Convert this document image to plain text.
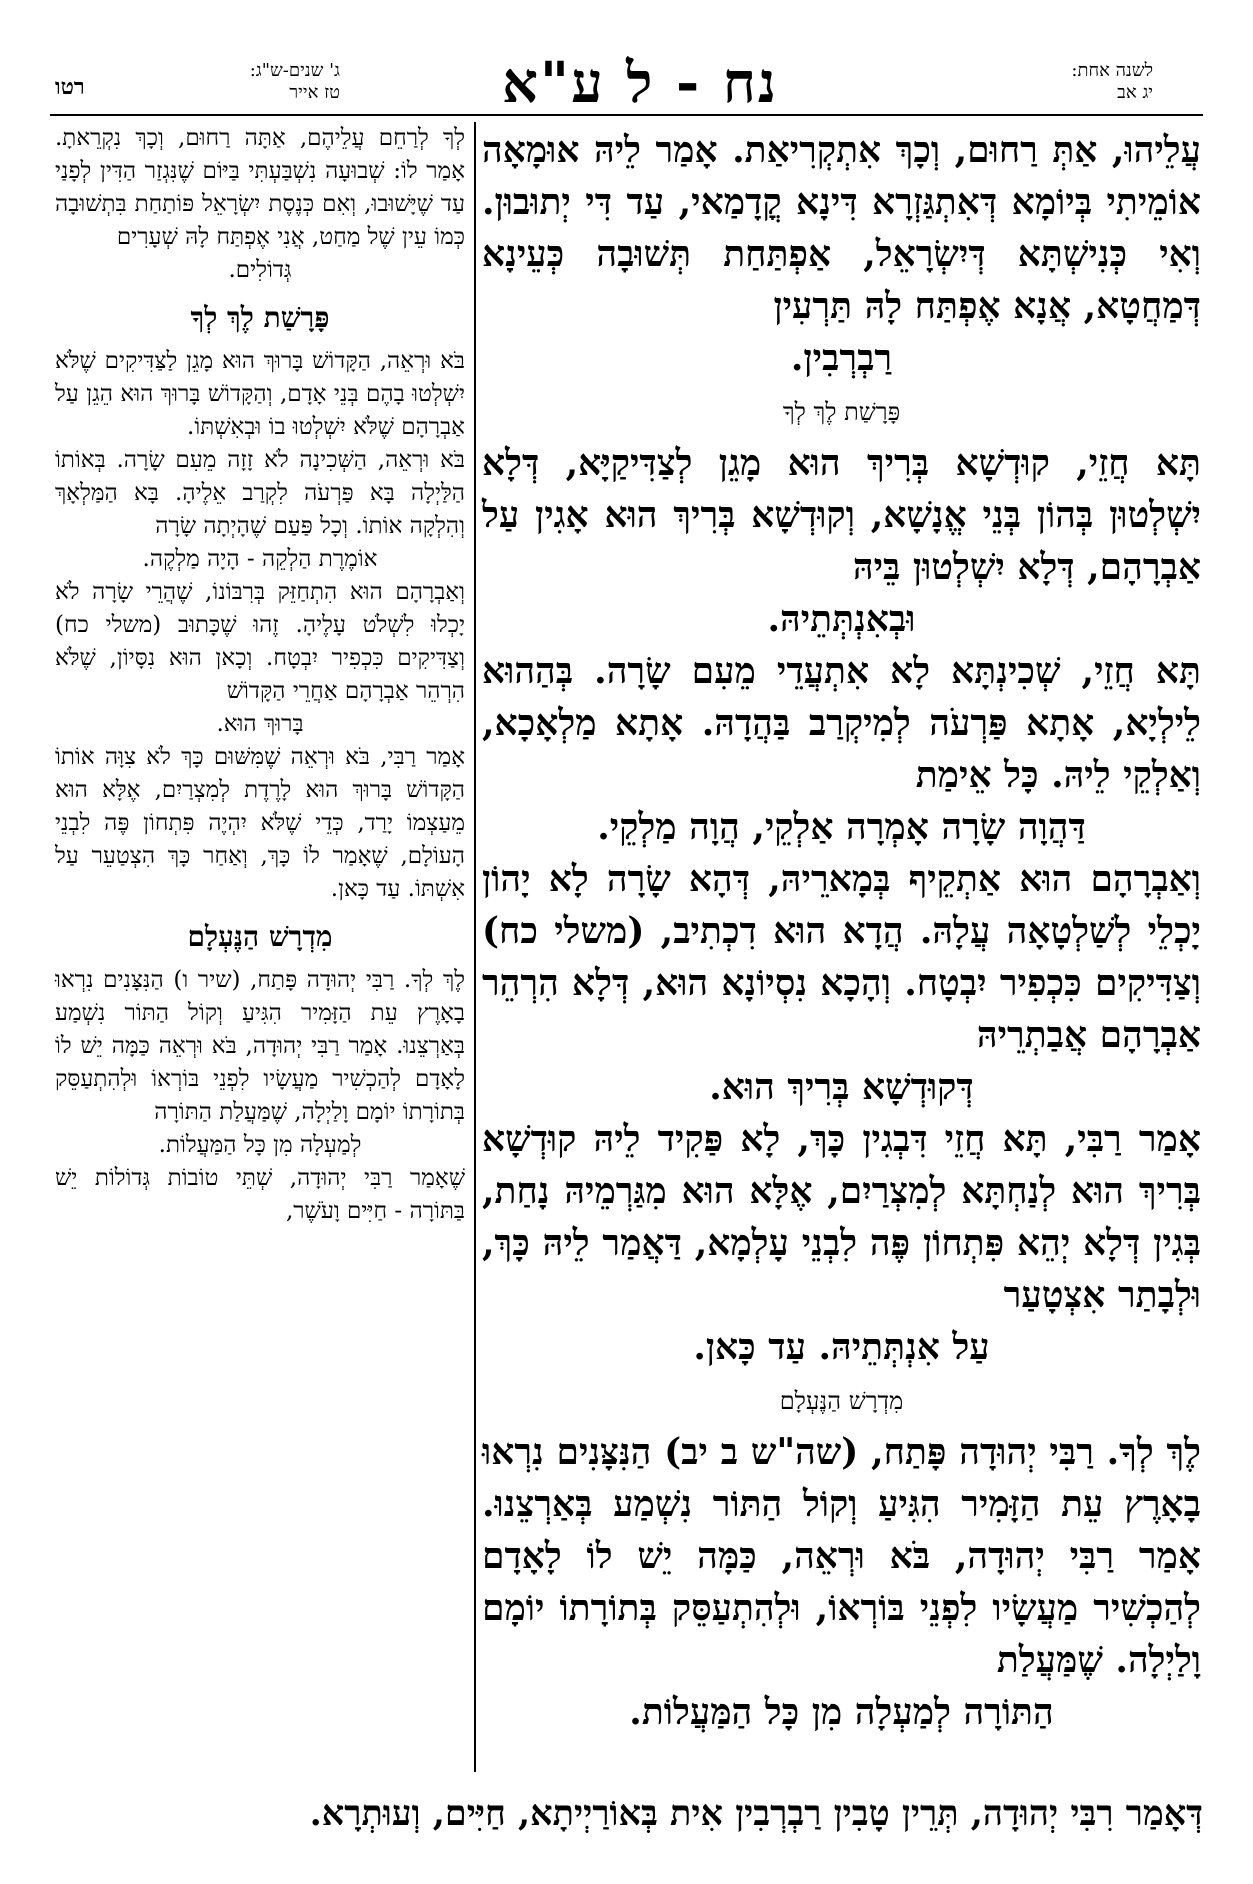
לשנה אחת:
יג אב
נח - ל ע"א
ג' שנים-ש"ג:
טז אייר
רטו

עֲלֵיהוּ, אַתְּ רַחוּם, וְכָךְ אִתְקְרִיאַת. אָמַר לֵיהּ אוּמָאָה אוֹמֵיתִי בְּיוֹמָא דְּאִתְגַּזְרָא דִּינָא קֳדָמַאי, עַד דִּי יְתוּבוּן. וְאִי כְּנִישְׁתָּא דְּיִשְׂרָאֵל, אַפְתַּחַת תְּשׁוּבָה כְּעֵינָא דְּמַחֲטָא, אֲנָא אֶפְתַּח לָהּ תַּרְעִין

רַבְרְבִין.

פָּרָשַׁת לֶךְ לְךָ

תָּא חֲזֵי, קוּדְשָׁא בְּרִיךְ הוּא מָגֵן לְצַדִּיקַיָּא, דְּלָא יִשְׁלְטוּן בְּהוֹן בְּנֵי אֱנָשָׁא, וְקוּדְשָׁא בְּרִיךְ הוּא אָגִין עַל אַבְרָהָם, דְּלָא יִשְׁלְטוּן בֵּיהּ

וּבְאִנְתְּתֵיהּ.

תָּא חֲזֵי, שְׁכִינְתָּא לָא אִתְעֲדֵי מֵעִם שָׂרָה. בְּהַהוּא לֵילְיָא, אָתָא פַּרְעֹה לְמִיקְרַב בַּהֲדָהּ. אָתָא מַלְאָכָא, וְאַלְקֵי לֵיהּ. כָּל אֵימַת

דַּהֲוָה שָׂרָה אָמְרָה אַלְקֵי, הֲוָה מַלְקֵי.

וְאַבְרָהָם הוּא אַתְקֵיף בְּמָארֵיהּ, דְּהָא שָׂרָה לָא יָהוֹן יָכְלֵי לְשַׁלְטָאָה עֲלָהּ. הֲדָא הוּא דִכְתִיב, (משלי כח) וְצַדִּיקִים כִּכְפִיר יִבְטָח. וְהָכָא נִסְיוֹנָא הוּא, דְּלָא הִרְהֵר אַבְרָהָם אֲבַתְרֵיהּ

דְּקוּדְשָׁא בְּרִיךְ הוּא.

אָמַר רַבִּי, תָּא חֲזֵי דִּבְגִין כָּךְ, לָא פַּקִיד לֵיהּ קוּדְשָׁא בְּרִיךְ הוּא לְנַחְתָּא לְמִצְרַיִם, אֶלָּא הוּא מִגַּרְמֵיהּ נָחַת, בְּגִין דְּלָא יְהֵא פִּתְחוֹן פֶּה לִבְנֵי עָלְמָא, דַּאֲמַר לֵיהּ כָּךְ, וּלְבָתַר אִצְטָעַר

עַל אִנְתְּתֵיהּ. עַד כָּאן.

מִדְרָשׁ הַנֶּעְלָם

לֶךְ לְךָ. רַבִּי יְהוּדָה פָּתַח, (שה"ש ב יב) הַנִּצָּנִים נִרְאוּ בָאָרֶץ עֵת הַזָּמִיר הִגִּיעַ וְקוֹל הַתּוֹר נִשְׁמַע בְּאַרְצֵנוּ. אָמַר רַבִּי יְהוּדָה, בֹּא וּרְאֵה, כַּמָּה יֵשׁ לוֹ לָאָדָם לְהַכְשִׁיר מַעֲשָׂיו לִפְנֵי בּוֹרְאוֹ, וּלְהִתְעַסֵּק בְּתוֹרָתוֹ יוֹמָם וָלַיְלָה. שֶׁמַּעֲלַת

הַתּוֹרָה לְמַעְלָה מִן כָּל הַמַּעֲלוֹת.

לְךָ לְרַחֵם עֲלֵיהֶם, אַתָּה רַחוּם, וְכָךְ נִקְרֵאתָ. אָמַר לוֹ: שְׁבוּעָה נִשְׁבַּעְתִּי בַּיּוֹם שֶׁנִּגְזַר הַדִּין לְפָנַי עַד שֶׁיָּשׁוּבוּ, וְאִם כְּנֶסֶת יִשְׂרָאֵל פּוֹתַחַת בִּתְשׁוּבָה כְּמוֹ עֵין שֶׁל מַחַט, אֲנִי אֶפְתַּח לָהּ שְׁעָרִים

גְּדוֹלִים.

פָּרָשַׁת לֶךְ לְךָ

בֹּא וּרְאֵה, הַקָּדוֹשׁ בָּרוּךְ הוּא מָגֵן לַצַּדִּיקִים שֶׁלֹּא יִשְׁלְטוּ בָהֶם בְּנֵי אָדָם, וְהַקָּדוֹשׁ בָּרוּךְ הוּא הֵגֵן עַל אַבְרָהָם שֶׁלֹּא יִשְׁלְטוּ בוֹ וּבְאִשְׁתּוֹ.

בֹּא וּרְאֵה, הַשְּׁכִינָה לֹא זָזָה מֵעִם שָׂרָה. בְּאוֹתוֹ הַלַּיְלָה בָּא פַּרְעֹה לִקְרַב אֵלֶיהָ. בָּא הַמַּלְאָךְ וְהִלְקָה אוֹתוֹ. וְכָל פַּעַם שֶׁהָיְתָה שָׂרָה

אוֹמֶרֶת הַלְקֵה - הָיָה מַלְקֶה.

וְאַבְרָהָם הוּא הִתְחַזֵּק בְּרִבּוֹנוֹ, שֶׁהֲרֵי שָׂרָה לֹא יָכְלוּ לִשְׁלֹט עָלֶיהָ. זֶהוּ שֶׁכָּתוּב (משלי כח) וְצַדִּיקִים כִּכְפִיר יִבְטָח. וְכָאן הוּא נִסָּיוֹן, שֶׁלֹּא הִרְהֵר אַבְרָהָם אַחֲרֵי הַקָּדוֹשׁ

בָּרוּךְ הוּא.

אָמַר רַבִּי, בֹּא וּרְאֵה שֶׁמִּשּׁוּם כָּךְ לֹא צִוָּה אוֹתוֹ הַקָּדוֹשׁ בָּרוּךְ הוּא לָרֶדֶת לְמִצְרַיִם, אֶלָּא הוּא מֵעַצְמוֹ יָרַד, כְּדֵי שֶׁלֹּא יִהְיֶה פִּתְחוֹן פֶּה לִבְנֵי הָעוֹלָם, שֶׁאָמַר לוֹ כָּךְ, וְאַחַר כָּךְ הִצְטַעֵר עַל אִשְׁתּוֹ. עַד כָּאן.

מִדְרָשׁ הַנֶּעְלָם

לֶךְ לְךָ. רַבִּי יְהוּדָה פָּתַח, (שיר ו) הַנִּצָּנִים נִרְאוּ בָאָרֶץ עֵת הַזָּמִיר הִגִּיעַ וְקוֹל הַתּוֹר נִשְׁמַע בְּאַרְצֵנוּ. אָמַר רַבִּי יְהוּדָה, בֹּא וּרְאֵה כַּמָּה יֵשׁ לוֹ לָאָדָם לְהַכְשִׁיר מַעֲשָׂיו לִפְנֵי בּוֹרְאוֹ וּלְהִתְעַסֵּק בְּתוֹרָתוֹ יוֹמָם וָלַיְלָה, שֶׁמַּעֲלַת הַתּוֹרָה

לְמַעְלָה מִן כָּל הַמַּעֲלוֹת.

שֶׁאָמַר רַבִּי יְהוּדָה, שְׁתֵּי טוֹבוֹת גְּדוֹלוֹת יֵשׁ בַּתּוֹרָה - חַיִּים וָעֹשֶׁר,

דְּאָמַר רִבִּי יְהוּדָה, תְּרֵין טָבִין רַבְרְבִין אִית בְּאוֹרַיְיתָא, חַיִּים, וְעוּתְרָא.
